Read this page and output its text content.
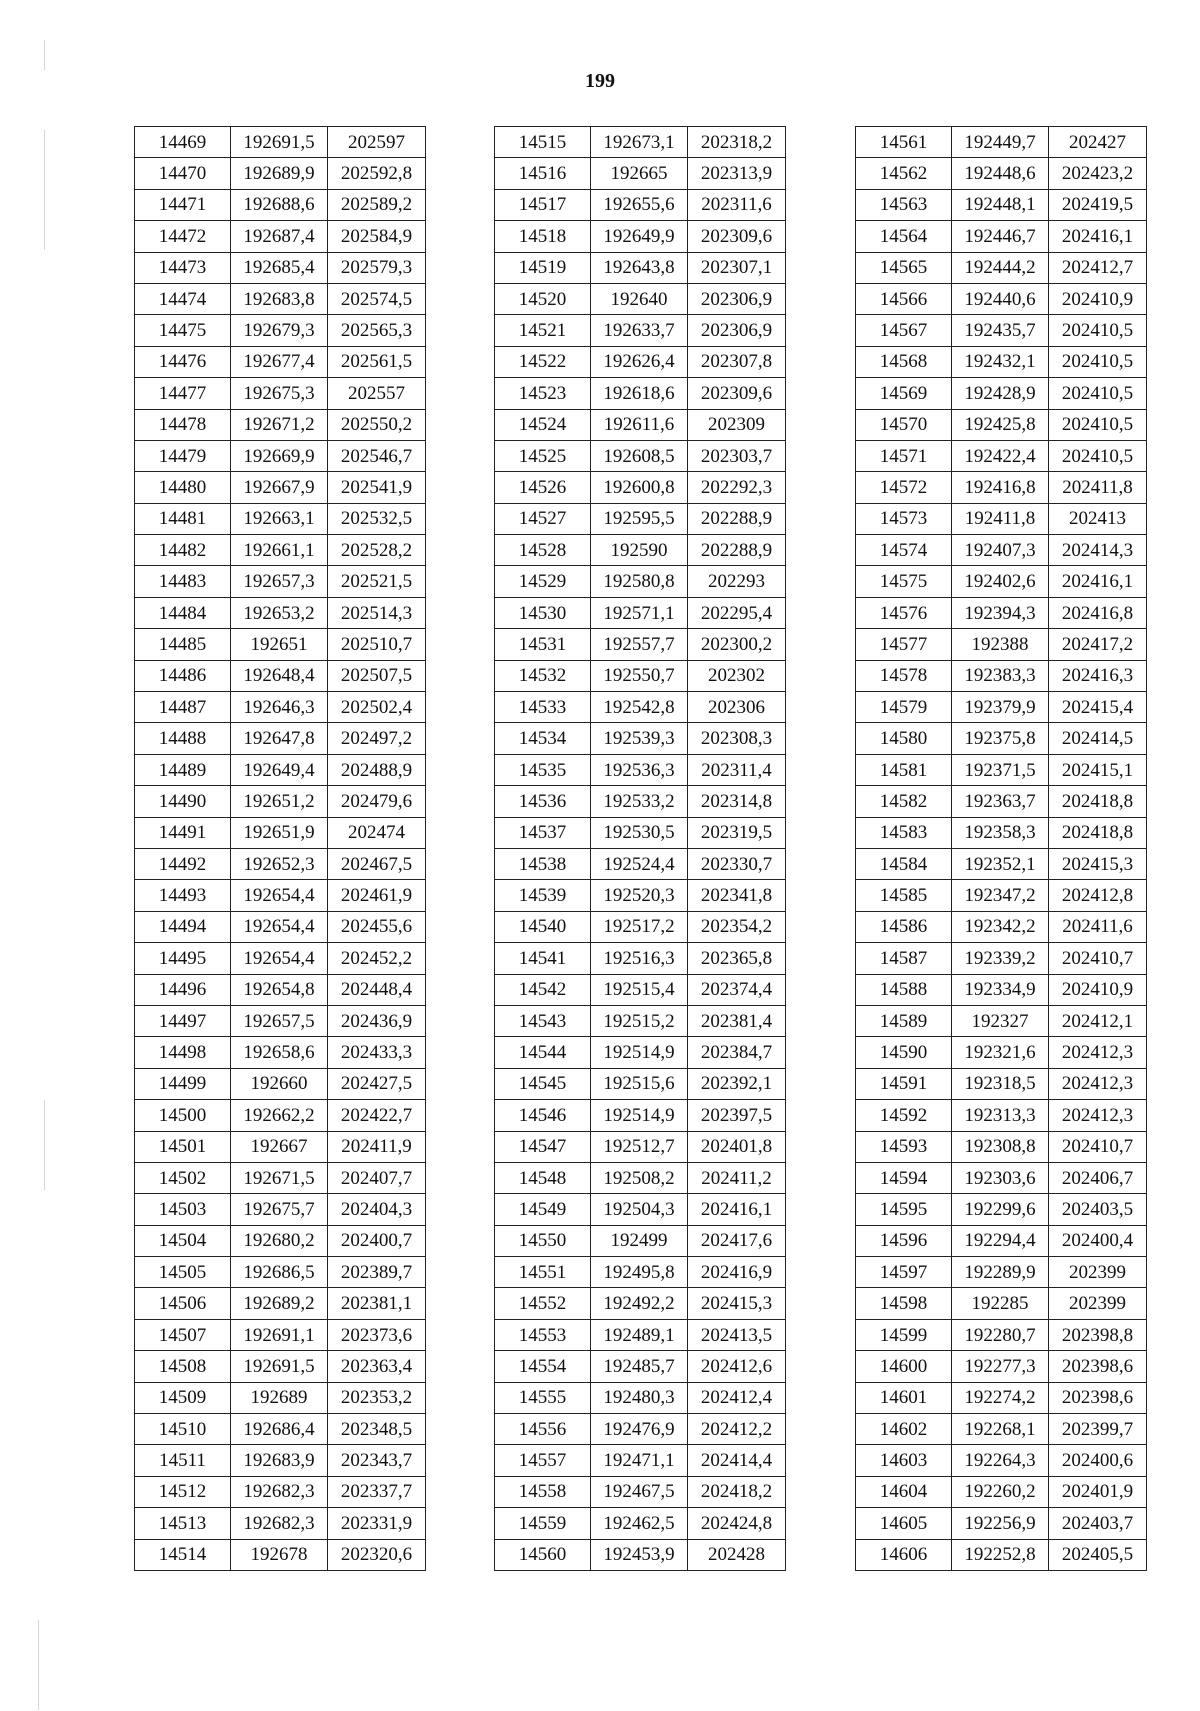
199
14469	192691,5	202597
14470	192689,9	202592,8
14471	192688,6	202589,2
14472	192687,4	202584,9
14473	192685,4	202579,3
14474	192683,8	202574,5
14475	192679,3	202565,3
14476	192677,4	202561,5
14477	192675,3	202557
14478	192671,2	202550,2
14479	192669,9	202546,7
14480	192667,9	202541,9
14481	192663,1	202532,5
14482	192661,1	202528,2
14483	192657,3	202521,5
14484	192653,2	202514,3
14485	192651	202510,7
14486	192648,4	202507,5
14487	192646,3	202502,4
14488	192647,8	202497,2
14489	192649,4	202488,9
14490	192651,2	202479,6
14491	192651,9	202474
14492	192652,3	202467,5
14493	192654,4	202461,9
14494	192654,4	202455,6
14495	192654,4	202452,2
14496	192654,8	202448,4
14497	192657,5	202436,9
14498	192658,6	202433,3
14499	192660	202427,5
14500	192662,2	202422,7
14501	192667	202411,9
14502	192671,5	202407,7
14503	192675,7	202404,3
14504	192680,2	202400,7
14505	192686,5	202389,7
14506	192689,2	202381,1
14507	192691,1	202373,6
14508	192691,5	202363,4
14509	192689	202353,2
14510	192686,4	202348,5
14511	192683,9	202343,7
14512	192682,3	202337,7
14513	192682,3	202331,9
14514	192678	202320,6
14515	192673,1	202318,2
14516	192665	202313,9
14517	192655,6	202311,6
14518	192649,9	202309,6
14519	192643,8	202307,1
14520	192640	202306,9
14521	192633,7	202306,9
14522	192626,4	202307,8
14523	192618,6	202309,6
14524	192611,6	202309
14525	192608,5	202303,7
14526	192600,8	202292,3
14527	192595,5	202288,9
14528	192590	202288,9
14529	192580,8	202293
14530	192571,1	202295,4
14531	192557,7	202300,2
14532	192550,7	202302
14533	192542,8	202306
14534	192539,3	202308,3
14535	192536,3	202311,4
14536	192533,2	202314,8
14537	192530,5	202319,5
14538	192524,4	202330,7
14539	192520,3	202341,8
14540	192517,2	202354,2
14541	192516,3	202365,8
14542	192515,4	202374,4
14543	192515,2	202381,4
14544	192514,9	202384,7
14545	192515,6	202392,1
14546	192514,9	202397,5
14547	192512,7	202401,8
14548	192508,2	202411,2
14549	192504,3	202416,1
14550	192499	202417,6
14551	192495,8	202416,9
14552	192492,2	202415,3
14553	192489,1	202413,5
14554	192485,7	202412,6
14555	192480,3	202412,4
14556	192476,9	202412,2
14557	192471,1	202414,4
14558	192467,5	202418,2
14559	192462,5	202424,8
14560	192453,9	202428
14561	192449,7	202427
14562	192448,6	202423,2
14563	192448,1	202419,5
14564	192446,7	202416,1
14565	192444,2	202412,7
14566	192440,6	202410,9
14567	192435,7	202410,5
14568	192432,1	202410,5
14569	192428,9	202410,5
14570	192425,8	202410,5
14571	192422,4	202410,5
14572	192416,8	202411,8
14573	192411,8	202413
14574	192407,3	202414,3
14575	192402,6	202416,1
14576	192394,3	202416,8
14577	192388	202417,2
14578	192383,3	202416,3
14579	192379,9	202415,4
14580	192375,8	202414,5
14581	192371,5	202415,1
14582	192363,7	202418,8
14583	192358,3	202418,8
14584	192352,1	202415,3
14585	192347,2	202412,8
14586	192342,2	202411,6
14587	192339,2	202410,7
14588	192334,9	202410,9
14589	192327	202412,1
14590	192321,6	202412,3
14591	192318,5	202412,3
14592	192313,3	202412,3
14593	192308,8	202410,7
14594	192303,6	202406,7
14595	192299,6	202403,5
14596	192294,4	202400,4
14597	192289,9	202399
14598	192285	202399
14599	192280,7	202398,8
14600	192277,3	202398,6
14601	192274,2	202398,6
14602	192268,1	202399,7
14603	192264,3	202400,6
14604	192260,2	202401,9
14605	192256,9	202403,7
14606	192252,8	202405,5
